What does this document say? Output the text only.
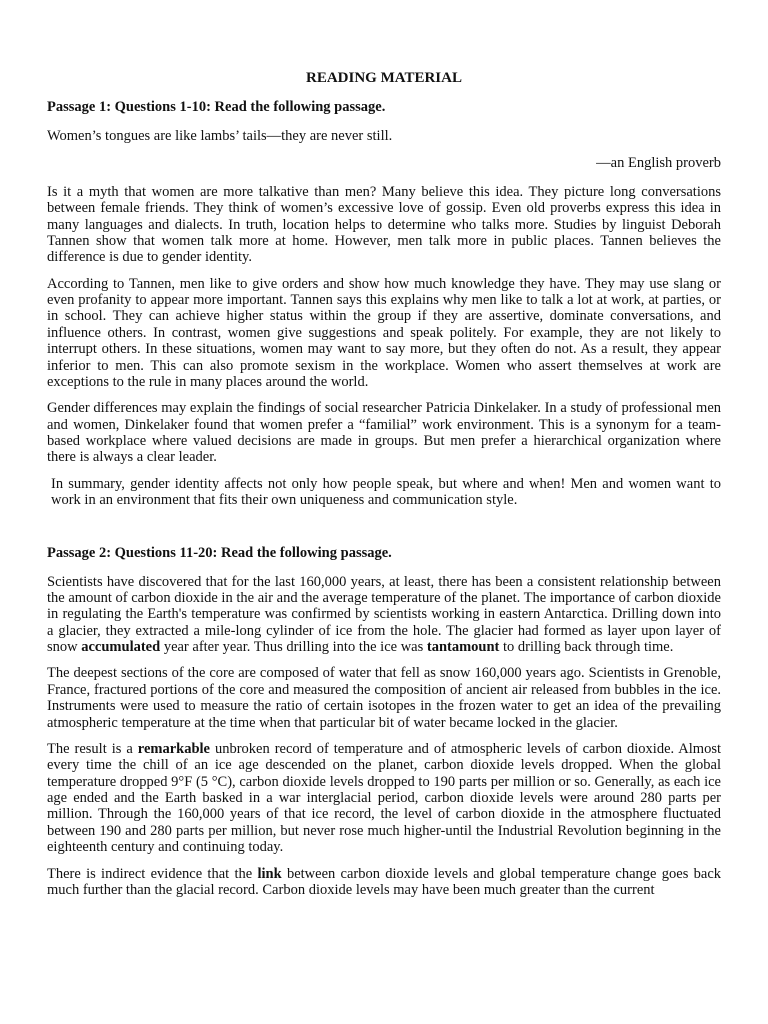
READING MATERIAL
Passage 1: Questions 1-10: Read the following passage.

Women’s tongues are like lambs’ tails—they are never still.

—an English proverb

Is it a myth that women are more talkative than men? Many believe this idea. They picture long conversations between female friends. They think of women’s excessive love of gossip. Even old proverbs express this idea in many languages and dialects. In truth, location helps to determine who talks more. Studies by linguist Deborah Tannen show that women talk more at home. However, men talk more in public places. Tannen believes the difference is due to gender identity.

According to Tannen, men like to give orders and show how much knowledge they have. They may use slang or even profanity to appear more important. Tannen says this explains why men like to talk a lot at work, at parties, or in school. They can achieve higher status within the group if they are assertive, dominate conversations, and influence others. In contrast, women give suggestions and speak politely. For example, they are not likely to interrupt others. In these situations, women may want to say more, but they often do not. As a result, they appear inferior to men. This can also promote sexism in the workplace. Women who assert themselves at work are exceptions to the rule in many places around the world.

Gender differences may explain the findings of social researcher Patricia Dinkelaker. In a study of professional men and women, Dinkelaker found that women prefer a “familial” work environment. This is a synonym for a team- based workplace where valued decisions are made in groups. But men prefer a hierarchical organization where there is always a clear leader.

In summary, gender identity affects not only how people speak, but where and when! Men and women want to work in an environment that fits their own uniqueness and communication style.

Passage 2: Questions 11-20: Read the following passage.

Scientists have discovered that for the last 160,000 years, at least, there has been a consistent relationship between the amount of carbon dioxide in the air and the average temperature of the planet. The importance of carbon dioxide in regulating the Earth's temperature was confirmed by scientists working in eastern Antarctica. Drilling down into a glacier, they extracted a mile-long cylinder of ice from the hole. The glacier had formed as layer upon layer of snow accumulated year after year. Thus drilling into the ice was tantamount to drilling back through time.

The deepest sections of the core are composed of water that fell as snow 160,000 years ago. Scientists in Grenoble, France, fractured portions of the core and measured the composition of ancient air released from bubbles in the ice. Instruments were used to measure the ratio of certain isotopes in the frozen water to get an idea of the prevailing atmospheric temperature at the time when that particular bit of water became locked in the glacier.

The result is a remarkable unbroken record of temperature and of atmospheric levels of carbon dioxide. Almost every time the chill of an ice age descended on the planet, carbon dioxide levels dropped. When the global temperature dropped 9°F (5 °C), carbon dioxide levels dropped to 190 parts per million or so. Generally, as each ice age ended and the Earth basked in a war interglacial period, carbon dioxide levels were around 280 parts per million. Through the 160,000 years of that ice record, the level of carbon dioxide in the atmosphere fluctuated between 190 and 280 parts per million, but never rose much higher-until the Industrial Revolution beginning in the eighteenth century and continuing today.

There is indirect evidence that the link between carbon dioxide levels and global temperature change goes back much further than the glacial record. Carbon dioxide levels may have been much greater than the current
